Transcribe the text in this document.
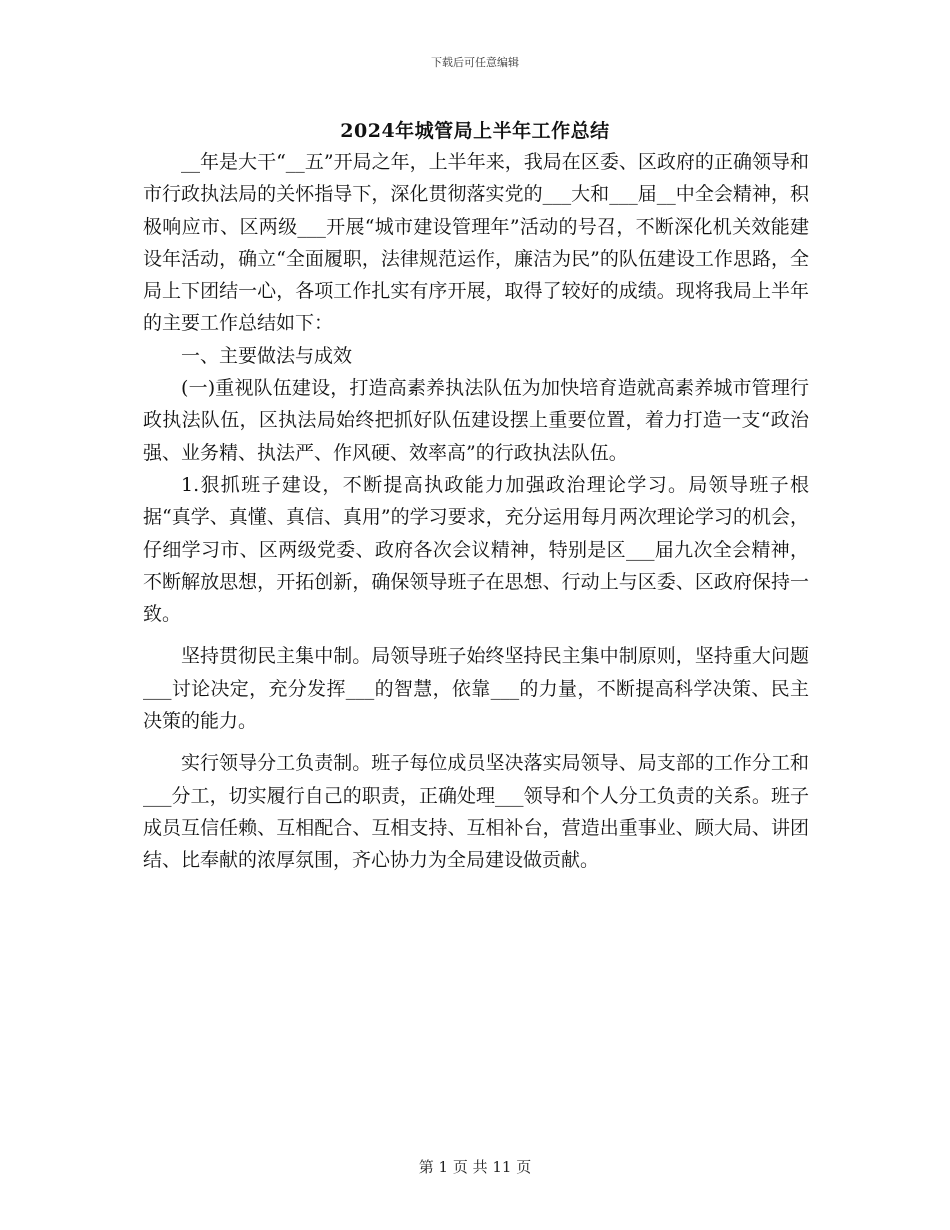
下载后可任意编辑
2024年城管局上半年工作总结

__年是大干“__五”开局之年，上半年来，我局在区委、区政府的正确领导和市行政执法局的关怀指导下，深化贯彻落实党的___大和___届__中全会精神，积极响应市、区两级___开展“城市建设管理年”活动的号召，不断深化机关效能建设年活动，确立“全面履职，法律规范运作，廉洁为民”的队伍建设工作思路，全局上下团结一心，各项工作扎实有序开展，取得了较好的成绩。现将我局上半年的主要工作总结如下：

一、主要做法与成效

(一)重视队伍建设，打造高素养执法队伍为加快培育造就高素养城市管理行政执法队伍，区执法局始终把抓好队伍建设摆上重要位置，着力打造一支“政治强、业务精、执法严、作风硬、效率高”的行政执法队伍。

1.狠抓班子建设，不断提高执政能力加强政治理论学习。局领导班子根据“真学、真懂、真信、真用”的学习要求，充分运用每月两次理论学习的机会，仔细学习市、区两级党委、政府各次会议精神，特别是区___届九次全会精神，不断解放思想，开拓创新，确保领导班子在思想、行动上与区委、区政府保持一致。

坚持贯彻民主集中制。局领导班子始终坚持民主集中制原则，坚持重大问题___讨论决定，充分发挥___的智慧，依靠___的力量，不断提高科学决策、民主决策的能力。

实行领导分工负责制。班子每位成员坚决落实局领导、局支部的工作分工和___分工，切实履行自己的职责，正确处理___领导和个人分工负责的关系。班子成员互信任赖、互相配合、互相支持、互相补台，营造出重事业、顾大局、讲团结、比奉献的浓厚氛围，齐心协力为全局建设做贡献。

第 1 页 共 11 页
